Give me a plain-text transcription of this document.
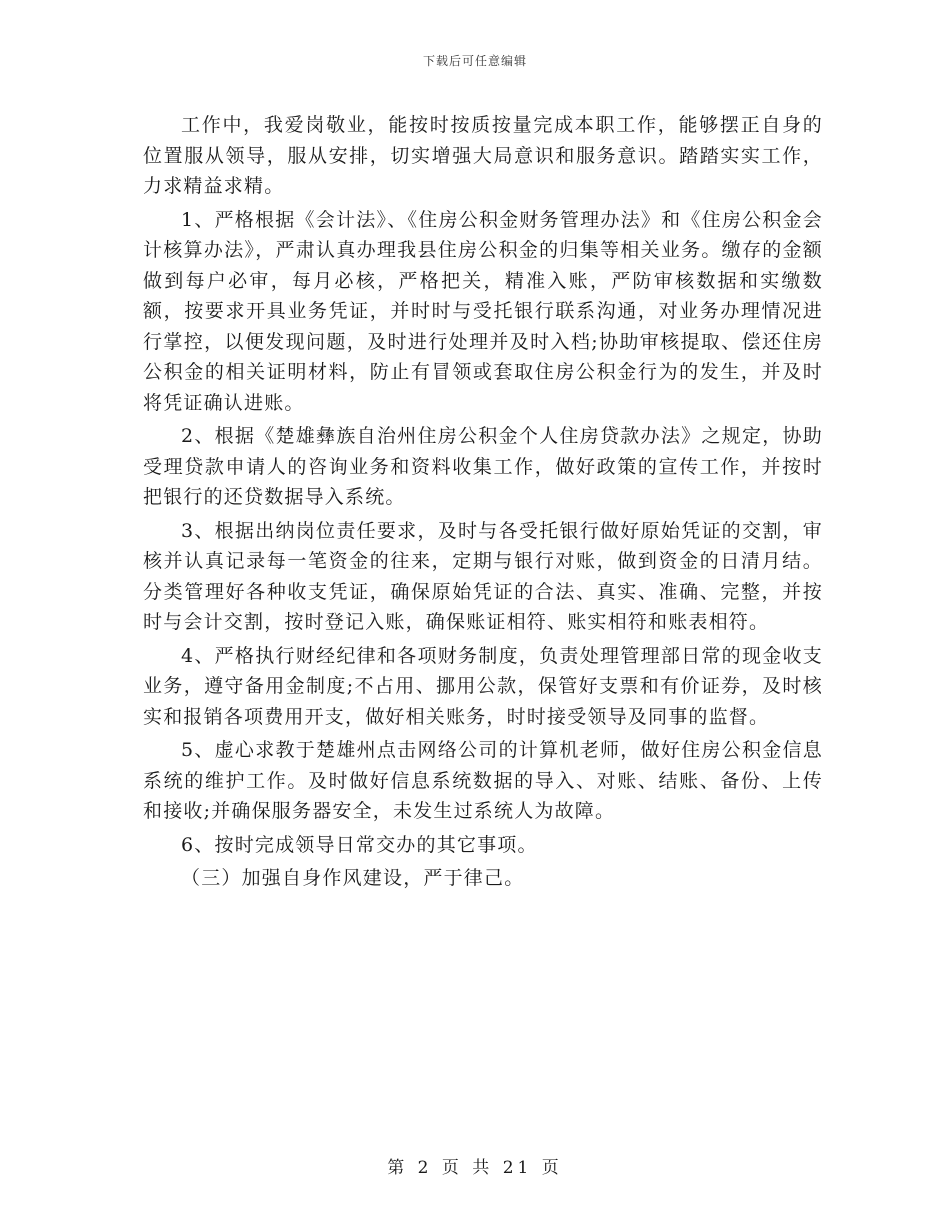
下载后可任意编辑

工作中，我爱岗敬业，能按时按质按量完成本职工作，能够摆正自身的位置服从领导，服从安排，切实增强大局意识和服务意识。踏踏实实工作，力求精益求精。

1、严格根据《会计法》、《住房公积金财务管理办法》和《住房公积金会计核算办法》，严肃认真办理我县住房公积金的归集等相关业务。缴存的金额做到每户必审，每月必核，严格把关，精准入账，严防审核数据和实缴数额，按要求开具业务凭证，并时时与受托银行联系沟通，对业务办理情况进行掌控，以便发现问题，及时进行处理并及时入档;协助审核提取、偿还住房公积金的相关证明材料，防止有冒领或套取住房公积金行为的发生，并及时将凭证确认进账。

2、根据《楚雄彝族自治州住房公积金个人住房贷款办法》之规定，协助受理贷款申请人的咨询业务和资料收集工作，做好政策的宣传工作，并按时把银行的还贷数据导入系统。

3、根据出纳岗位责任要求，及时与各受托银行做好原始凭证的交割，审核并认真记录每一笔资金的往来，定期与银行对账，做到资金的日清月结。分类管理好各种收支凭证，确保原始凭证的合法、真实、准确、完整，并按时与会计交割，按时登记入账，确保账证相符、账实相符和账表相符。

4、严格执行财经纪律和各项财务制度，负责处理管理部日常的现金收支业务，遵守备用金制度;不占用、挪用公款，保管好支票和有价证券，及时核实和报销各项费用开支，做好相关账务，时时接受领导及同事的监督。

5、虚心求教于楚雄州点击网络公司的计算机老师，做好住房公积金信息系统的维护工作。及时做好信息系统数据的导入、对账、结账、备份、上传和接收;并确保服务器安全，未发生过系统人为故障。

6、按时完成领导日常交办的其它事项。

（三）加强自身作风建设，严于律己。

第 2 页 共 21 页
